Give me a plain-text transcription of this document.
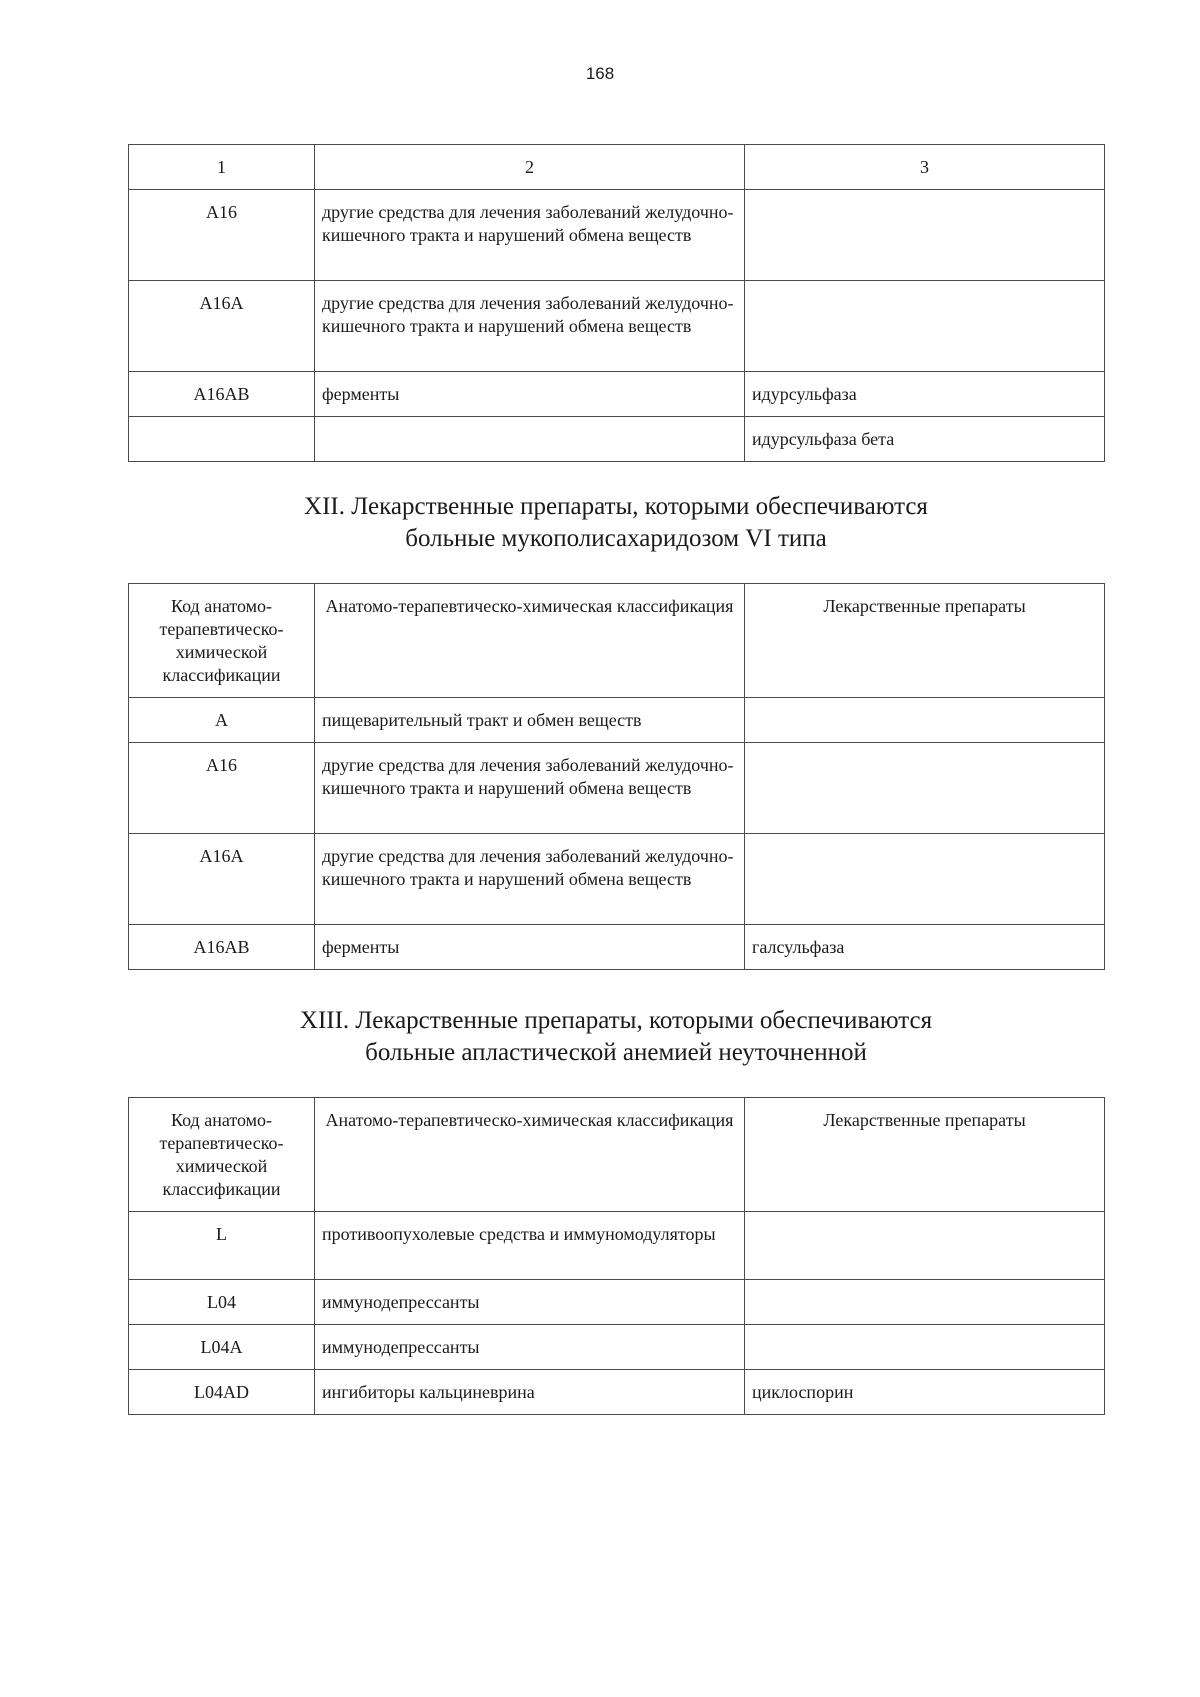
168
1	2	3
А16	другие средства для лечения заболеваний желудочно-кишечного тракта и нарушений обмена веществ	
А16А	другие средства для лечения заболеваний желудочно-кишечного тракта и нарушений обмена веществ	
А16АВ	ферменты	идурсульфаза
		идурсульфаза бета
XII. Лекарственные препараты, которыми обеспечиваются
больные мукополисахаридозом VI типа
Код анатомо-терапевтическо-химической классификации	Анатомо-терапевтическо-химическая классификация	Лекарственные препараты
А	пищеварительный тракт и обмен веществ	
А16	другие средства для лечения заболеваний желудочно-кишечного тракта и нарушений обмена веществ	
А16А	другие средства для лечения заболеваний желудочно-кишечного тракта и нарушений обмена веществ	
А16АВ	ферменты	галсульфаза
XIII. Лекарственные препараты, которыми обеспечиваются
больные апластической анемией неуточненной
Код анатомо-терапевтическо-химической классификации	Анатомо-терапевтическо-химическая классификация	Лекарственные препараты
L	противоопухолевые средства и иммуномодуляторы	
L04	иммунодепрессанты	
L04A	иммунодепрессанты	
L04AD	ингибиторы кальциневрина	циклоспорин
